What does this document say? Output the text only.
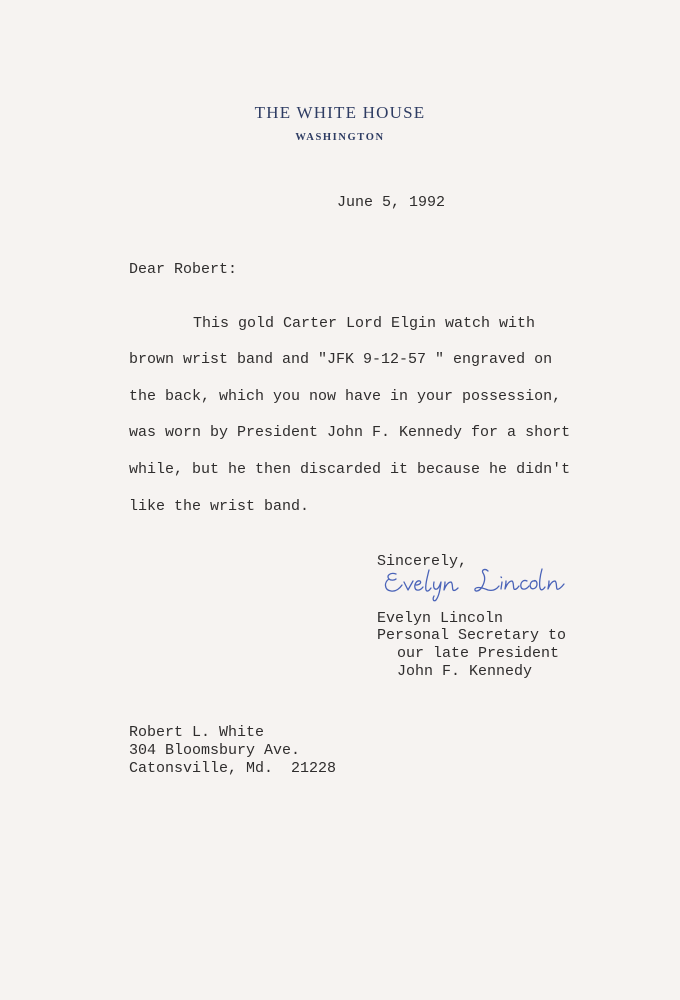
THE WHITE HOUSE
WASHINGTON
June 5, 1992
Dear Robert:
This gold Carter Lord Elgin watch with
brown wrist band and "JFK 9-12-57 " engraved on
the back, which you now have in your possession,
was worn by President John F. Kennedy for a short
while, but he then discarded it because he didn't
like the wrist band.
Sincerely,
Evelyn Lincoln
Personal Secretary to
our late President
John F. Kennedy
Robert L. White
304 Bloomsbury Ave.
Catonsville, Md.  21228
